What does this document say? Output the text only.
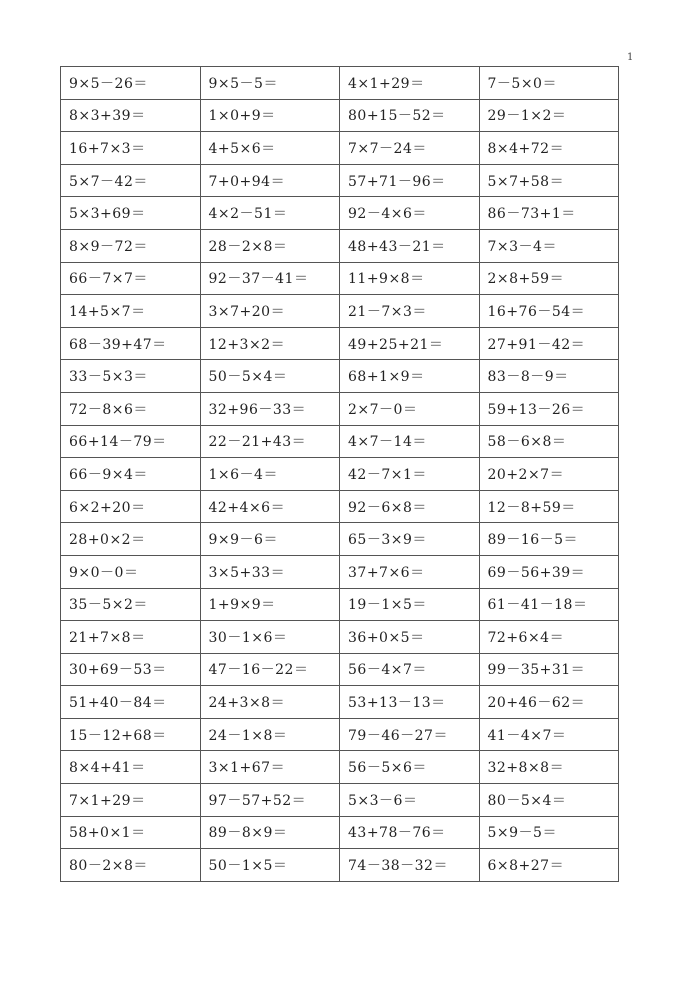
1
9×5－26＝	9×5－5＝	4×1+29＝	7－5×0＝
8×3+39＝	1×0+9＝	80+15－52＝	29－1×2＝
16+7×3＝	4+5×6＝	7×7－24＝	8×4+72＝
5×7－42＝	7+0+94＝	57+71－96＝	5×7+58＝
5×3+69＝	4×2－51＝	92－4×6＝	86－73+1＝
8×9－72＝	28－2×8＝	48+43－21＝	7×3－4＝
66－7×7＝	92－37－41＝	11+9×8＝	2×8+59＝
14+5×7＝	3×7+20＝	21－7×3＝	16+76－54＝
68－39+47＝	12+3×2＝	49+25+21＝	27+91－42＝
33－5×3＝	50－5×4＝	68+1×9＝	83－8－9＝
72－8×6＝	32+96－33＝	2×7－0＝	59+13－26＝
66+14－79＝	22－21+43＝	4×7－14＝	58－6×8＝
66－9×4＝	1×6－4＝	42－7×1＝	20+2×7＝
6×2+20＝	42+4×6＝	92－6×8＝	12－8+59＝
28+0×2＝	9×9－6＝	65－3×9＝	89－16－5＝
9×0－0＝	3×5+33＝	37+7×6＝	69－56+39＝
35－5×2＝	1+9×9＝	19－1×5＝	61－41－18＝
21+7×8＝	30－1×6＝	36+0×5＝	72+6×4＝
30+69－53＝	47－16－22＝	56－4×7＝	99－35+31＝
51+40－84＝	24+3×8＝	53+13－13＝	20+46－62＝
15－12+68＝	24－1×8＝	79－46－27＝	41－4×7＝
8×4+41＝	3×1+67＝	56－5×6＝	32+8×8＝
7×1+29＝	97－57+52＝	5×3－6＝	80－5×4＝
58+0×1＝	89－8×9＝	43+78－76＝	5×9－5＝
80－2×8＝	50－1×5＝	74－38－32＝	6×8+27＝
